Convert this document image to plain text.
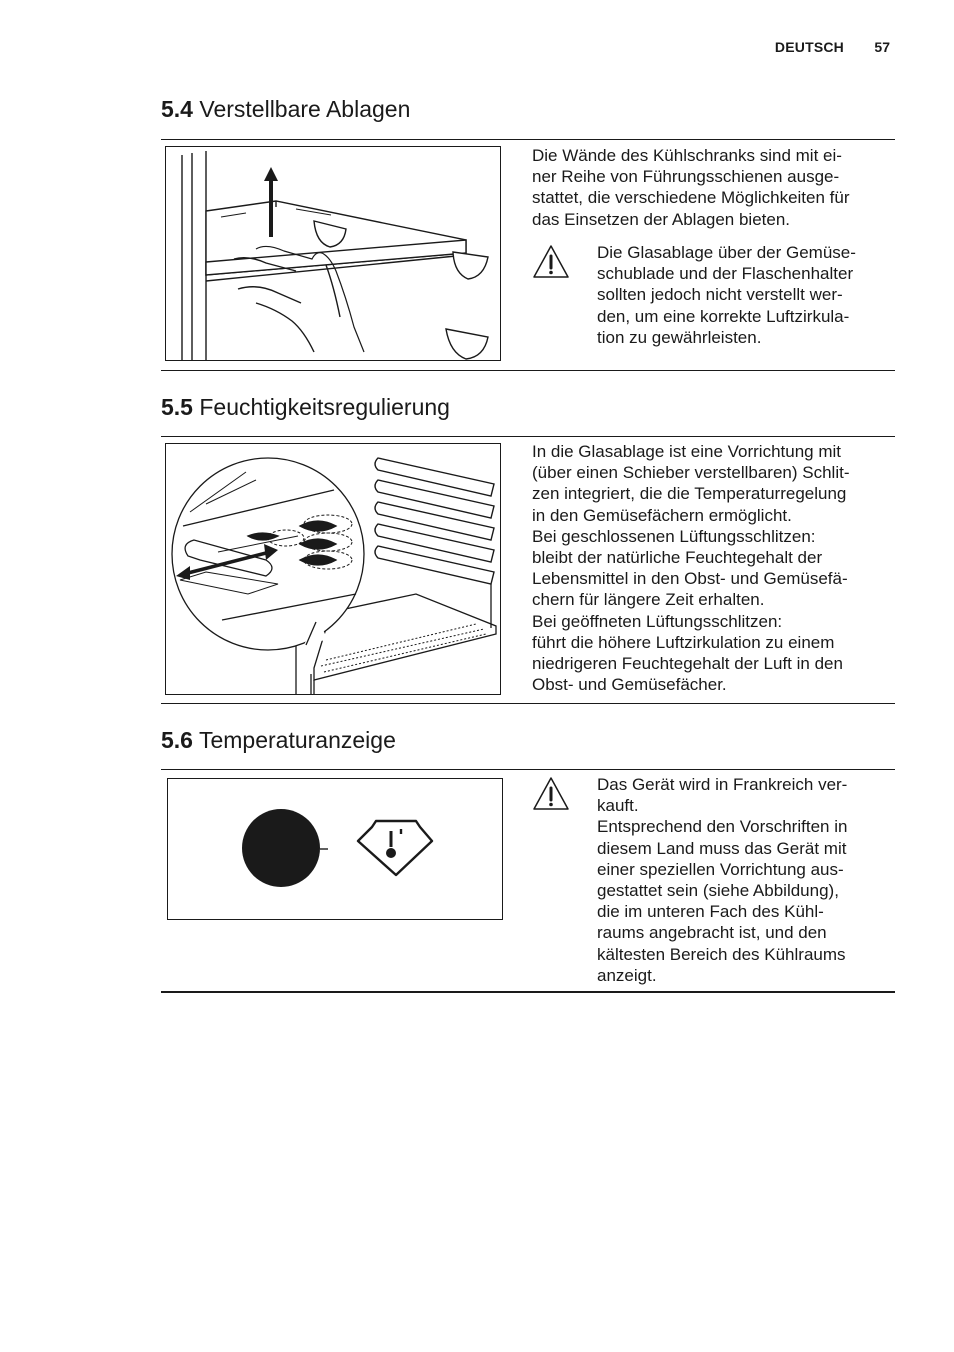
DEUTSCH	57
5.4 Verstellbare Ablagen

Die Wände des Kühlschranks sind mit ei-
ner Reihe von Führungsschienen ausge-
stattet, die verschiedene Möglichkeiten für
das Einsetzen der Ablagen bieten.

Die Glasablage über der Gemüse-
schublade und der Flaschenhalter
sollten jedoch nicht verstellt wer-
den, um eine korrekte Luftzirkula-
tion zu gewährleisten.

5.5 Feuchtigkeitsregulierung

In die Glasablage ist eine Vorrichtung mit
(über einen Schieber verstellbaren) Schlit-
zen integriert, die die Temperaturregelung
in den Gemüsefächern ermöglicht.
Bei geschlossenen Lüftungsschlitzen:
bleibt der natürliche Feuchtegehalt der
Lebensmittel in den Obst- und Gemüsefä-
chern für längere Zeit erhalten.
Bei geöffneten Lüftungsschlitzen:
führt die höhere Luftzirkulation zu einem
niedrigeren Feuchtegehalt der Luft in den
Obst- und Gemüsefächer.

5.6 Temperaturanzeige

Das Gerät wird in Frankreich ver-
kauft.
Entsprechend den Vorschriften in
diesem Land muss das Gerät mit
einer speziellen Vorrichtung aus-
gestattet sein (siehe Abbildung),
die im unteren Fach des Kühl-
raums angebracht ist, und den
kältesten Bereich des Kühlraums
anzeigt.
